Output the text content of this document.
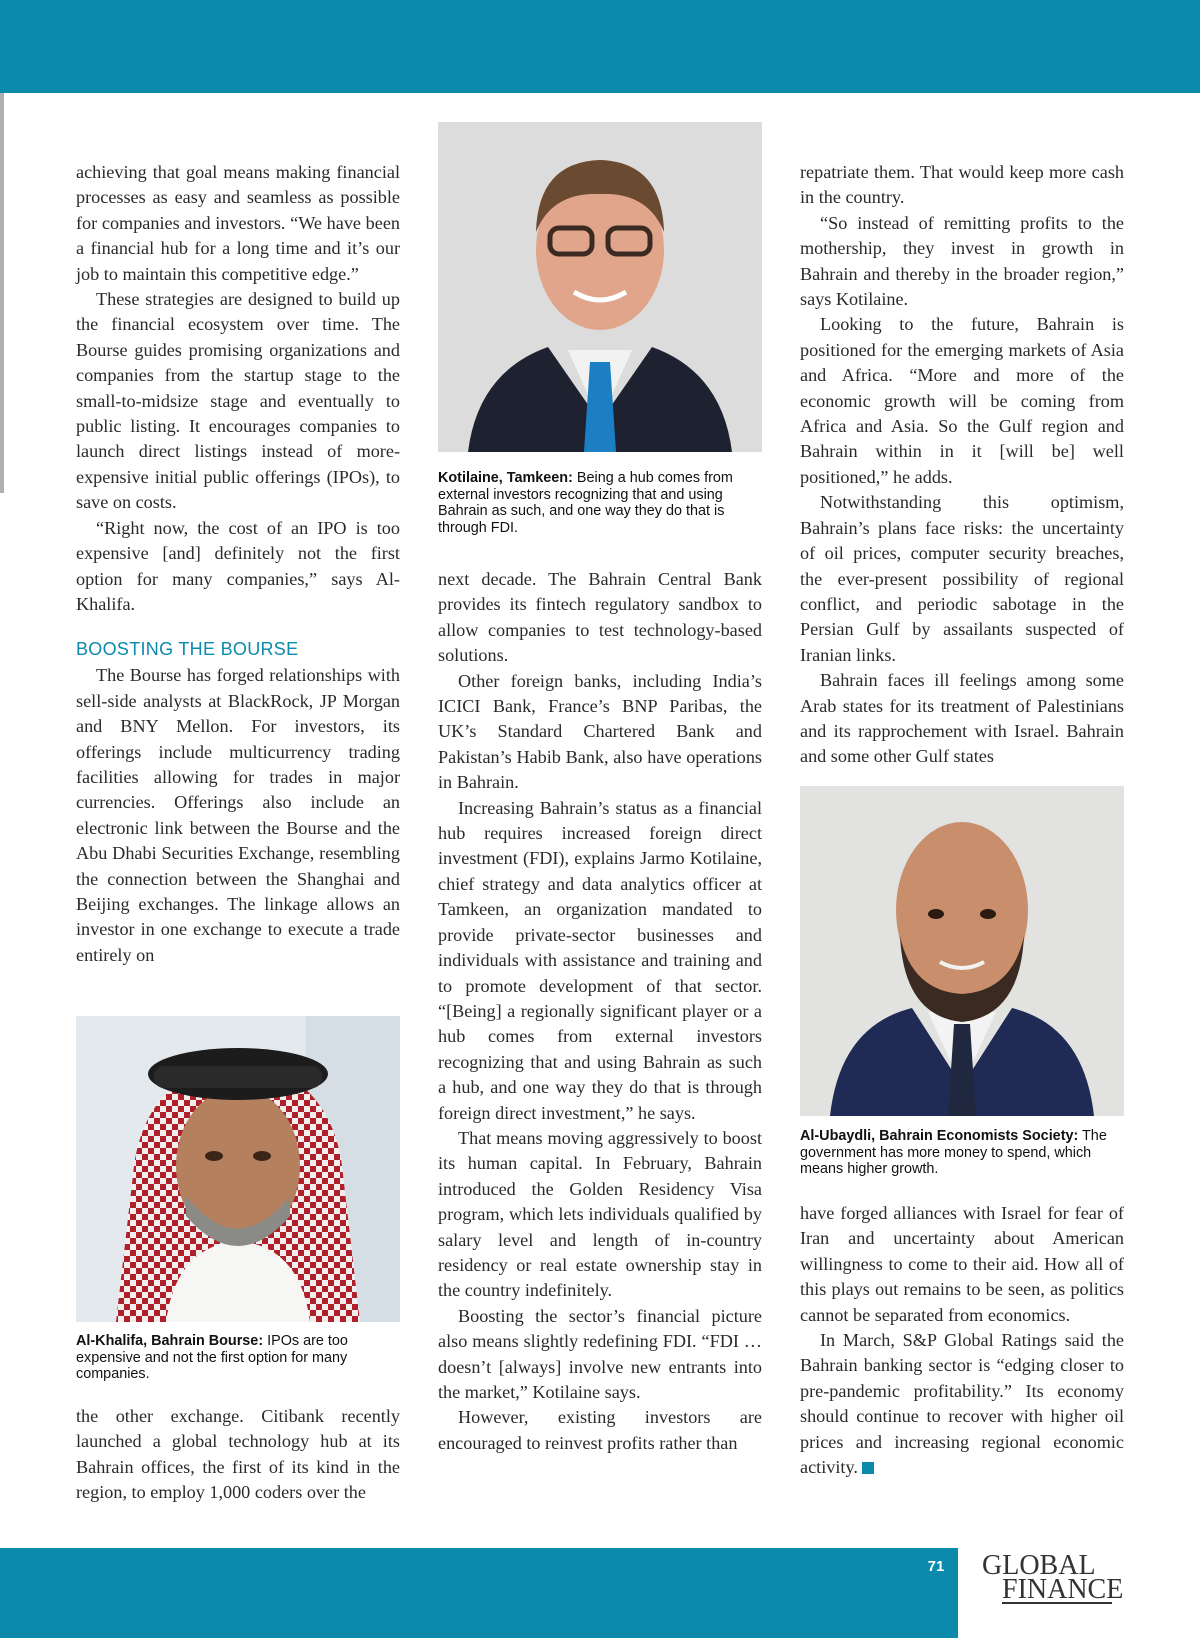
achieving that goal means making financial processes as easy and seamless as possible for companies and investors. “We have been a financial hub for a long time and it’s our job to maintain this competitive edge.”

These strategies are designed to build up the financial ecosystem over time. The Bourse guides promising organizations and companies from the startup stage to the small-to-midsize stage and eventually to public listing. It encourages companies to launch direct listings instead of more-expensive initial public offerings (IPOs), to save on costs.

“Right now, the cost of an IPO is too expensive [and] definitely not the first option for many companies,” says Al-Khalifa.

BOOSTING THE BOURSE

The Bourse has forged relationships with sell-side analysts at BlackRock, JP Morgan and BNY Mellon. For investors, its offerings include multicurrency trading facilities allowing for trades in major currencies. Offerings also include an electronic link between the Bourse and the Abu Dhabi Securities Exchange, resembling the connection between the Shanghai and Beijing exchanges. The linkage allows an investor in one exchange to execute a trade entirely on

Al-Khalifa, Bahrain Bourse: IPOs are too expensive and not the first option for many companies.

the other exchange. Citibank recently launched a global technology hub at its Bahrain offices, the first of its kind in the region, to employ 1,000 coders over the

Kotilaine, Tamkeen: Being a hub comes from external investors recognizing that and using Bahrain as such, and one way they do that is through FDI.

next decade. The Bahrain Central Bank provides its fintech regulatory sandbox to allow companies to test technology-based solutions.

Other foreign banks, including India’s ICICI Bank, France’s BNP Paribas, the UK’s Standard Chartered Bank and Pakistan’s Habib Bank, also have operations in Bahrain.

Increasing Bahrain’s status as a financial hub requires increased foreign direct investment (FDI), explains Jarmo Kotilaine, chief strategy and data analytics officer at Tamkeen, an organization mandated to provide private-sector businesses and individuals with assistance and training and to promote development of that sector. “[Being] a regionally significant player or a hub comes from external investors recognizing that and using Bahrain as such a hub, and one way they do that is through foreign direct investment,” he says.

That means moving aggressively to boost its human capital. In February, Bahrain introduced the Golden Residency Visa program, which lets individuals qualified by salary level and length of in-country residency or real estate ownership stay in the country indefinitely.

Boosting the sector’s financial picture also means slightly redefining FDI. “FDI … doesn’t [always] involve new entrants into the market,” Kotilaine says.

However, existing investors are encouraged to reinvest profits rather than

repatriate them. That would keep more cash in the country.

“So instead of remitting profits to the mothership, they invest in growth in Bahrain and thereby in the broader region,” says Kotilaine.

Looking to the future, Bahrain is positioned for the emerging markets of Asia and Africa. “More and more of the economic growth will be coming from Africa and Asia. So the Gulf region and Bahrain within in it [will be] well positioned,” he adds.

Notwithstanding this optimism, Bahrain’s plans face risks: the uncertainty of oil prices, computer security breaches, the ever-present possibility of regional conflict, and periodic sabotage in the Persian Gulf by assailants suspected of Iranian links.

Bahrain faces ill feelings among some Arab states for its treatment of Palestinians and its rapprochement with Israel. Bahrain and some other Gulf states

Al-Ubaydli, Bahrain Economists Society: The government has more money to spend, which means higher growth.

have forged alliances with Israel for fear of Iran and uncertainty about American willingness to come to their aid. How all of this plays out remains to be seen, as politics cannot be separated from economics.

In March, S&P Global Ratings said the Bahrain banking sector is “edging closer to pre-pandemic profitability.” Its economy should continue to recover with higher oil prices and increasing regional economic activity.

71	GLOBAL
FINANCE
